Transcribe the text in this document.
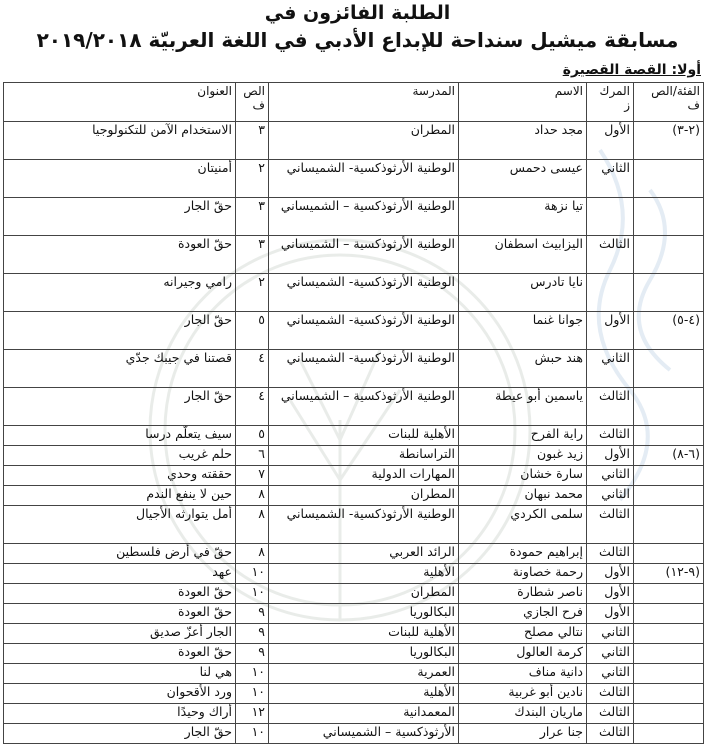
الطلبة الفائزون في
مسابقة ميشيل سنداحة للإبداع الأدبي في اللغة العربيّة ٢٠١٩/٢٠١٨
أولا: القصة القصيرة
الفئة/الص ف	المرك ز	الاسم	المدرسة	الص ف	العنوان
(٢-٣)	الأول	مجد حداد	المطران	٣	الاستخدام الآمن للتكنولوجيا
	الثاني	عيسى دحمس	الوطنية الأرثوذكسية- الشميساني	٢	أمنيتان
		تيا نزهة	الوطنية الأرثوذكسية – الشميساني	٣	حقّ الجار
	الثالث	اليزابيث اسطفان	الوطنية الأرثوذكسية – الشميساني	٣	حقّ العودة
		نايا تادرس	الوطنية الأرثوذكسية- الشميساني	٢	رامي وجيرانه
(٤-٥)	الأول	جوانا غنما	الوطنية الأرثوذكسية- الشميساني	٥	حقّ الجار
	الثاني	هند حبش	الوطنية الأرثوذكسية- الشميساني	٤	قصتنا في جيبك جدّي
	الثالث	ياسمين أبو عيطة	الوطنية الأرثوذكسية – الشميساني	٤	حقّ الجار
	الثالث	راية الفرح	الأهلية للبنات	٥	سيف يتعلّم درسا
(٦-٨)	الأول	زيد غبون	التراسانطة	٦	حلم غريب
	الثاني	سارة خشان	المهارات الدولية	٧	حققته وحدي
	الثاني	محمد نبهان	المطران	٨	حين لا ينفع الندم
	الثالث	سلمى الكردي	الوطنية الأرثوذكسية- الشميساني	٨	أمل يتوارثه الأجيال
	الثالث	إبراهيم حمودة	الرائد العربي	٨	حقّ في أرض فلسطين
(٩-١٢)	الأول	رحمة خصاونة	الأهلية	١٠	عهد
	الأول	ناصر شطارة	المطران	١٠	حقّ العودة
	الأول	فرح الجازي	البكالوريا	٩	حقّ العودة
	الثاني	نتالي مصلح	الأهلية للبنات	٩	الجار أعزّ صديق
	الثاني	كرمة العالول	البكالوريا	٩	حقّ العودة
	الثاني	دانية مناف	العمرية	١٠	هي لنا
	الثالث	نادين أبو غربية	الأهلية	١٠	ورد الأقحوان
	الثالث	ماريان البندك	المعمدانية	١٢	أراك وحيدًا
	الثالث	جنا عرار	الأرثوذكسية – الشميساني	١٠	حقّ الجار
